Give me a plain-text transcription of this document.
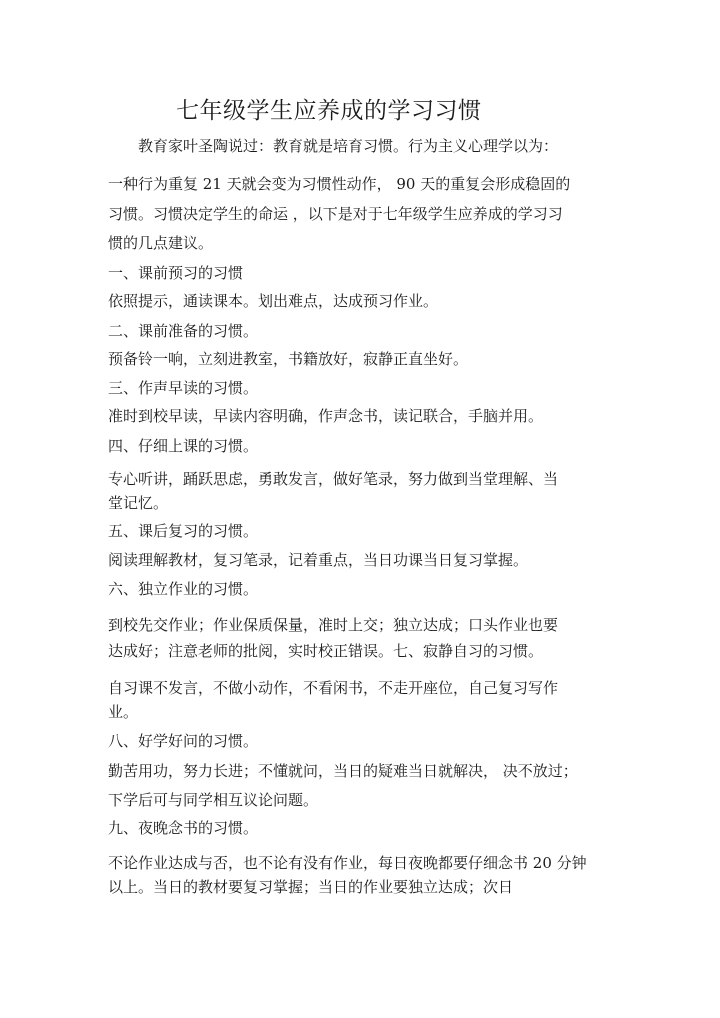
七年级学生应养成的学习习惯
教育家叶圣陶说过：教育就是培育习惯。行为主义心理学以为：
一种行为重复 21 天就会变为习惯性动作， 90 天的重复会形成稳固的
习惯。习惯决定学生的命运 ，以下是对于七年级学生应养成的学习习
惯的几点建议。
一、课前预习的习惯
依照提示，通读课本。划出难点，达成预习作业。
二、课前准备的习惯。
预备铃一响，立刻进教室，书籍放好，寂静正直坐好。
三、作声早读的习惯。
准时到校早读，早读内容明确，作声念书，读记联合，手脑并用。
四、仔细上课的习惯。
专心听讲，踊跃思虑，勇敢发言，做好笔录，努力做到当堂理解、当
堂记忆。
五、课后复习的习惯。
阅读理解教材，复习笔录，记着重点，当日功课当日复习掌握。
六、独立作业的习惯。
到校先交作业；作业保质保量，准时上交；独立达成；口头作业也要
达成好；注意老师的批阅，实时校正错误。七、寂静自习的习惯。
自习课不发言，不做小动作，不看闲书，不走开座位，自己复习写作
业。
八、好学好问的习惯。
勤苦用功，努力长进；不懂就问，当日的疑难当日就解决， 决不放过；
下学后可与同学相互议论问题。
九、夜晚念书的习惯。
不论作业达成与否，也不论有没有作业，每日夜晚都要仔细念书 20 分钟
以上。当日的教材要复习掌握；当日的作业要独立达成；次日
